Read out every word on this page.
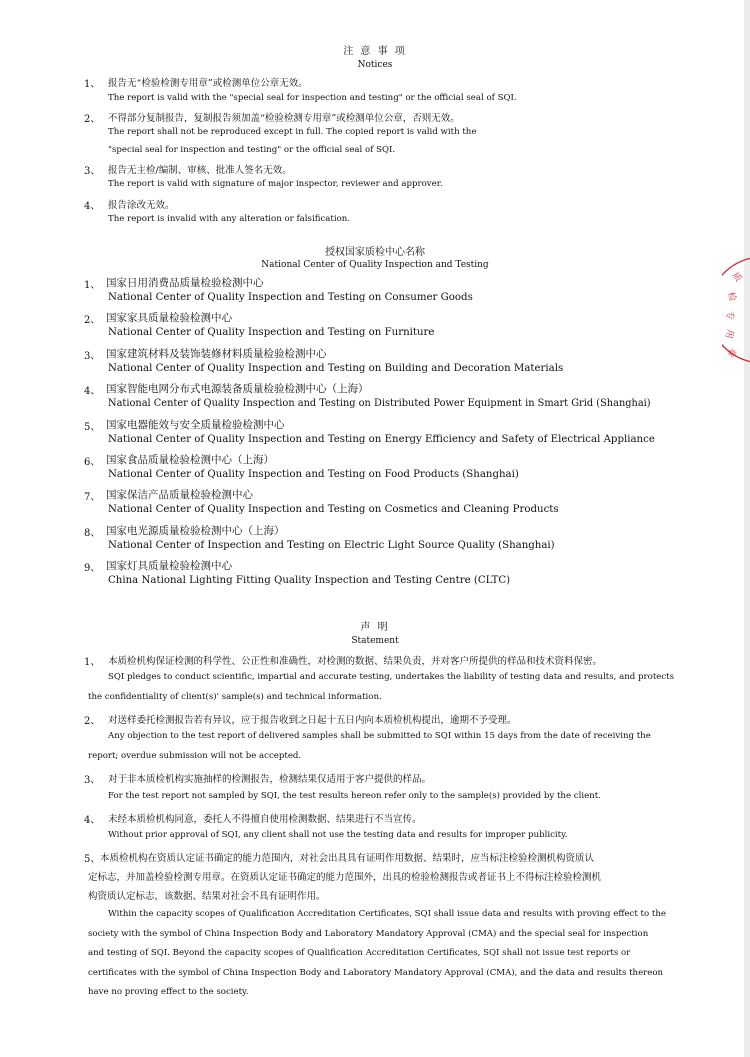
注 意 事 项
Notices
1、 报告无“检验检测专用章”或检测单位公章无效。
The report is valid with the "special seal for inspection and testing" or the official seal of SQI.
2、 不得部分复制报告，复制报告须加盖“检验检测专用章”或检测单位公章，否则无效。
The report shall not be reproduced except in full. The copied report is valid with the
"special seal for inspection and testing" or the official seal of SQI.
3、 报告无主检/编制、审核、批准人签名无效。
The report is valid with signature of major inspector, reviewer and approver.
4、 报告涂改无效。
The report is invalid with any alteration or falsification.
授权国家质检中心名称
National Center of Quality Inspection and Testing
1、 国家日用消费品质量检验检测中心
National Center of Quality Inspection and Testing on Consumer Goods
2、 国家家具质量检验检测中心
National Center of Quality Inspection and Testing on Furniture
3、 国家建筑材料及装饰装修材料质量检验检测中心
National Center of Quality Inspection and Testing on Building and Decoration Materials
4、 国家智能电网分布式电源装备质量检验检测中心（上海）
National Center of Quality Inspection and Testing on Distributed Power Equipment in Smart Grid (Shanghai)
5、 国家电器能效与安全质量检验检测中心
National Center of Quality Inspection and Testing on Energy Efficiency and Safety of Electrical Appliance
6、 国家食品质量检验检测中心（上海）
National Center of Quality Inspection and Testing on Food Products (Shanghai)
7、 国家保洁产品质量检验检测中心
National Center of Quality Inspection and Testing on Cosmetics and Cleaning Products
8、 国家电光源质量检验检测中心（上海）
National Center of Inspection and Testing on Electric Light Source Quality (Shanghai)
9、 国家灯具质量检验检测中心
China National Lighting Fitting Quality Inspection and Testing Centre (CLTC)
声 明
Statement
1、 本质检机构保证检测的科学性、公正性和准确性，对检测的数据、结果负责，并对客户所提供的样品和技术资料保密。
SQI pledges to conduct scientific, impartial and accurate testing, undertakes the liability of testing data and results, and protects
the confidentiality of client(s)' sample(s) and technical information.
2、 对送样委托检测报告若有异议，应于报告收到之日起十五日内向本质检机构提出，逾期不予受理。
Any objection to the test report of delivered samples shall be submitted to SQI within 15 days from the date of receiving the
report; overdue submission will not be accepted.
3、 对于非本质检机构实施抽样的检测报告，检测结果仅适用于客户提供的样品。
For the test report not sampled by SQI, the test results hereon refer only to the sample(s) provided by the client.
4、 未经本质检机构同意，委托人不得擅自使用检测数据、结果进行不当宣传。
Without prior approval of SQI, any client shall not use the testing data and results for improper publicity.
5、 本质检机构在资质认定证书确定的能力范围内，对社会出具具有证明作用数据、结果时，应当标注检验检测机构资质认
定标志，并加盖检验检测专用章。在资质认定证书确定的能力范围外，出具的检验检测报告或者证书上不得标注检验检测机
构资质认定标志，该数据、结果对社会不具有证明作用。
Within the capacity scopes of Qualification Accreditation Certificates, SQI shall issue data and results with proving effect to the
society with the symbol of China Inspection Body and Laboratory Mandatory Approval (CMA) and the special seal for inspection
and testing of SQI. Beyond the capacity scopes of Qualification Accreditation Certificates, SQI shall not issue test reports or
certificates with the symbol of China Inspection Body and Laboratory Mandatory Approval (CMA), and the data and results thereon
have no proving effect to the society.
质
检
专
用
章
